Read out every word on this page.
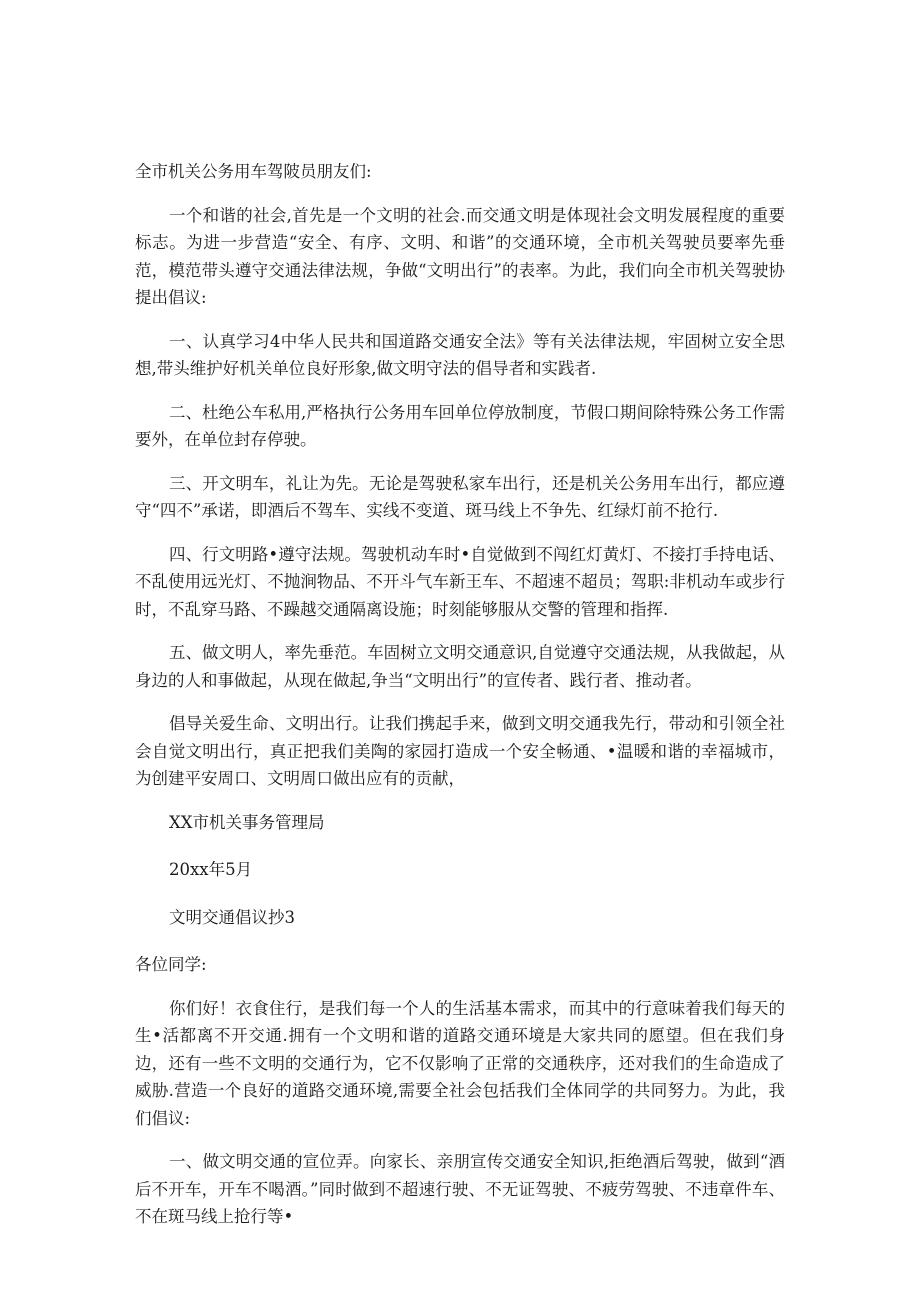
全市机关公务用车驾陂员朋友们:

一个和谐的社会,首先是一个文明的社会.而交通文明是体现社会文明发展程度的重要标志。为进一步营造“安全、有序、文明、和谐”的交通环境，全市机关驾驶员要率先垂范，模范带头遵守交通法律法规，争做“文明出行”的表率。为此，我们向全市机关驾驶协提出倡议:

一、认真学习4中华人民共和国道路交通安全法》等有关法律法规，牢固树立安全思想,带头维护好机关单位良好形象,做文明守法的倡导者和实践者.

二、杜绝公车私用,严格执行公务用车回单位停放制度，节假口期间除特殊公务工作需要外，在单位封存停驶。

三、开文明车，礼让为先。无论是驾驶私家车出行，还是机关公务用车出行，都应遵守“四不”承诺，即酒后不驾车、实线不变道、斑马线上不争先、红绿灯前不抢行.

四、行文明路•遵守法规。驾驶机动车时•自觉做到不闯红灯黄灯、不接打手持电话、不乱使用远光灯、不抛涧物品、不开斗气车新王车、不超速不超员；驾职:非机动车或步行时，不乱穿马路、不躁越交通隔离设施；时刻能够服从交警的管理和指挥.

五、做文明人，率先垂范。车固树立文明交通意识,自觉遵守交通法规，从我做起，从身边的人和事做起，从现在做起,争当“文明出行”的宣传者、践行者、推动者。

倡导关爱生命、文明出行。让我们携起手来，做到文明交通我先行，带动和引领全社会自觉文明出行，真正把我们美陶的家园打造成一个安全畅通、•温暖和谐的幸福城市，为创建平安周口、文明周口做出应有的贡献，

XX市机关事务管理局

20xx年5月

文明交通倡议抄3

各位同学:

你们好！衣食住行，是我们每一个人的生活基本需求，而其中的行意味着我们每天的生•活都离不开交通.拥有一个文明和谐的道路交通环境是大家共同的愿望。但在我们身边，还有一些不文明的交通行为，它不仅影响了正常的交通秩序，还对我们的生命造成了威胁.营造一个良好的道路交通环境,需要全社会包括我们全体同学的共同努力。为此，我们倡议:

一、做文明交通的宣位弄。向家长、亲朋宣传交通安全知识,拒绝酒后驾驶，做到“酒后不开车，开车不喝酒。”同时做到不超速行驶、不无证驾驶、不疲劳驾驶、不违章件车、不在斑马线上抢行等•
